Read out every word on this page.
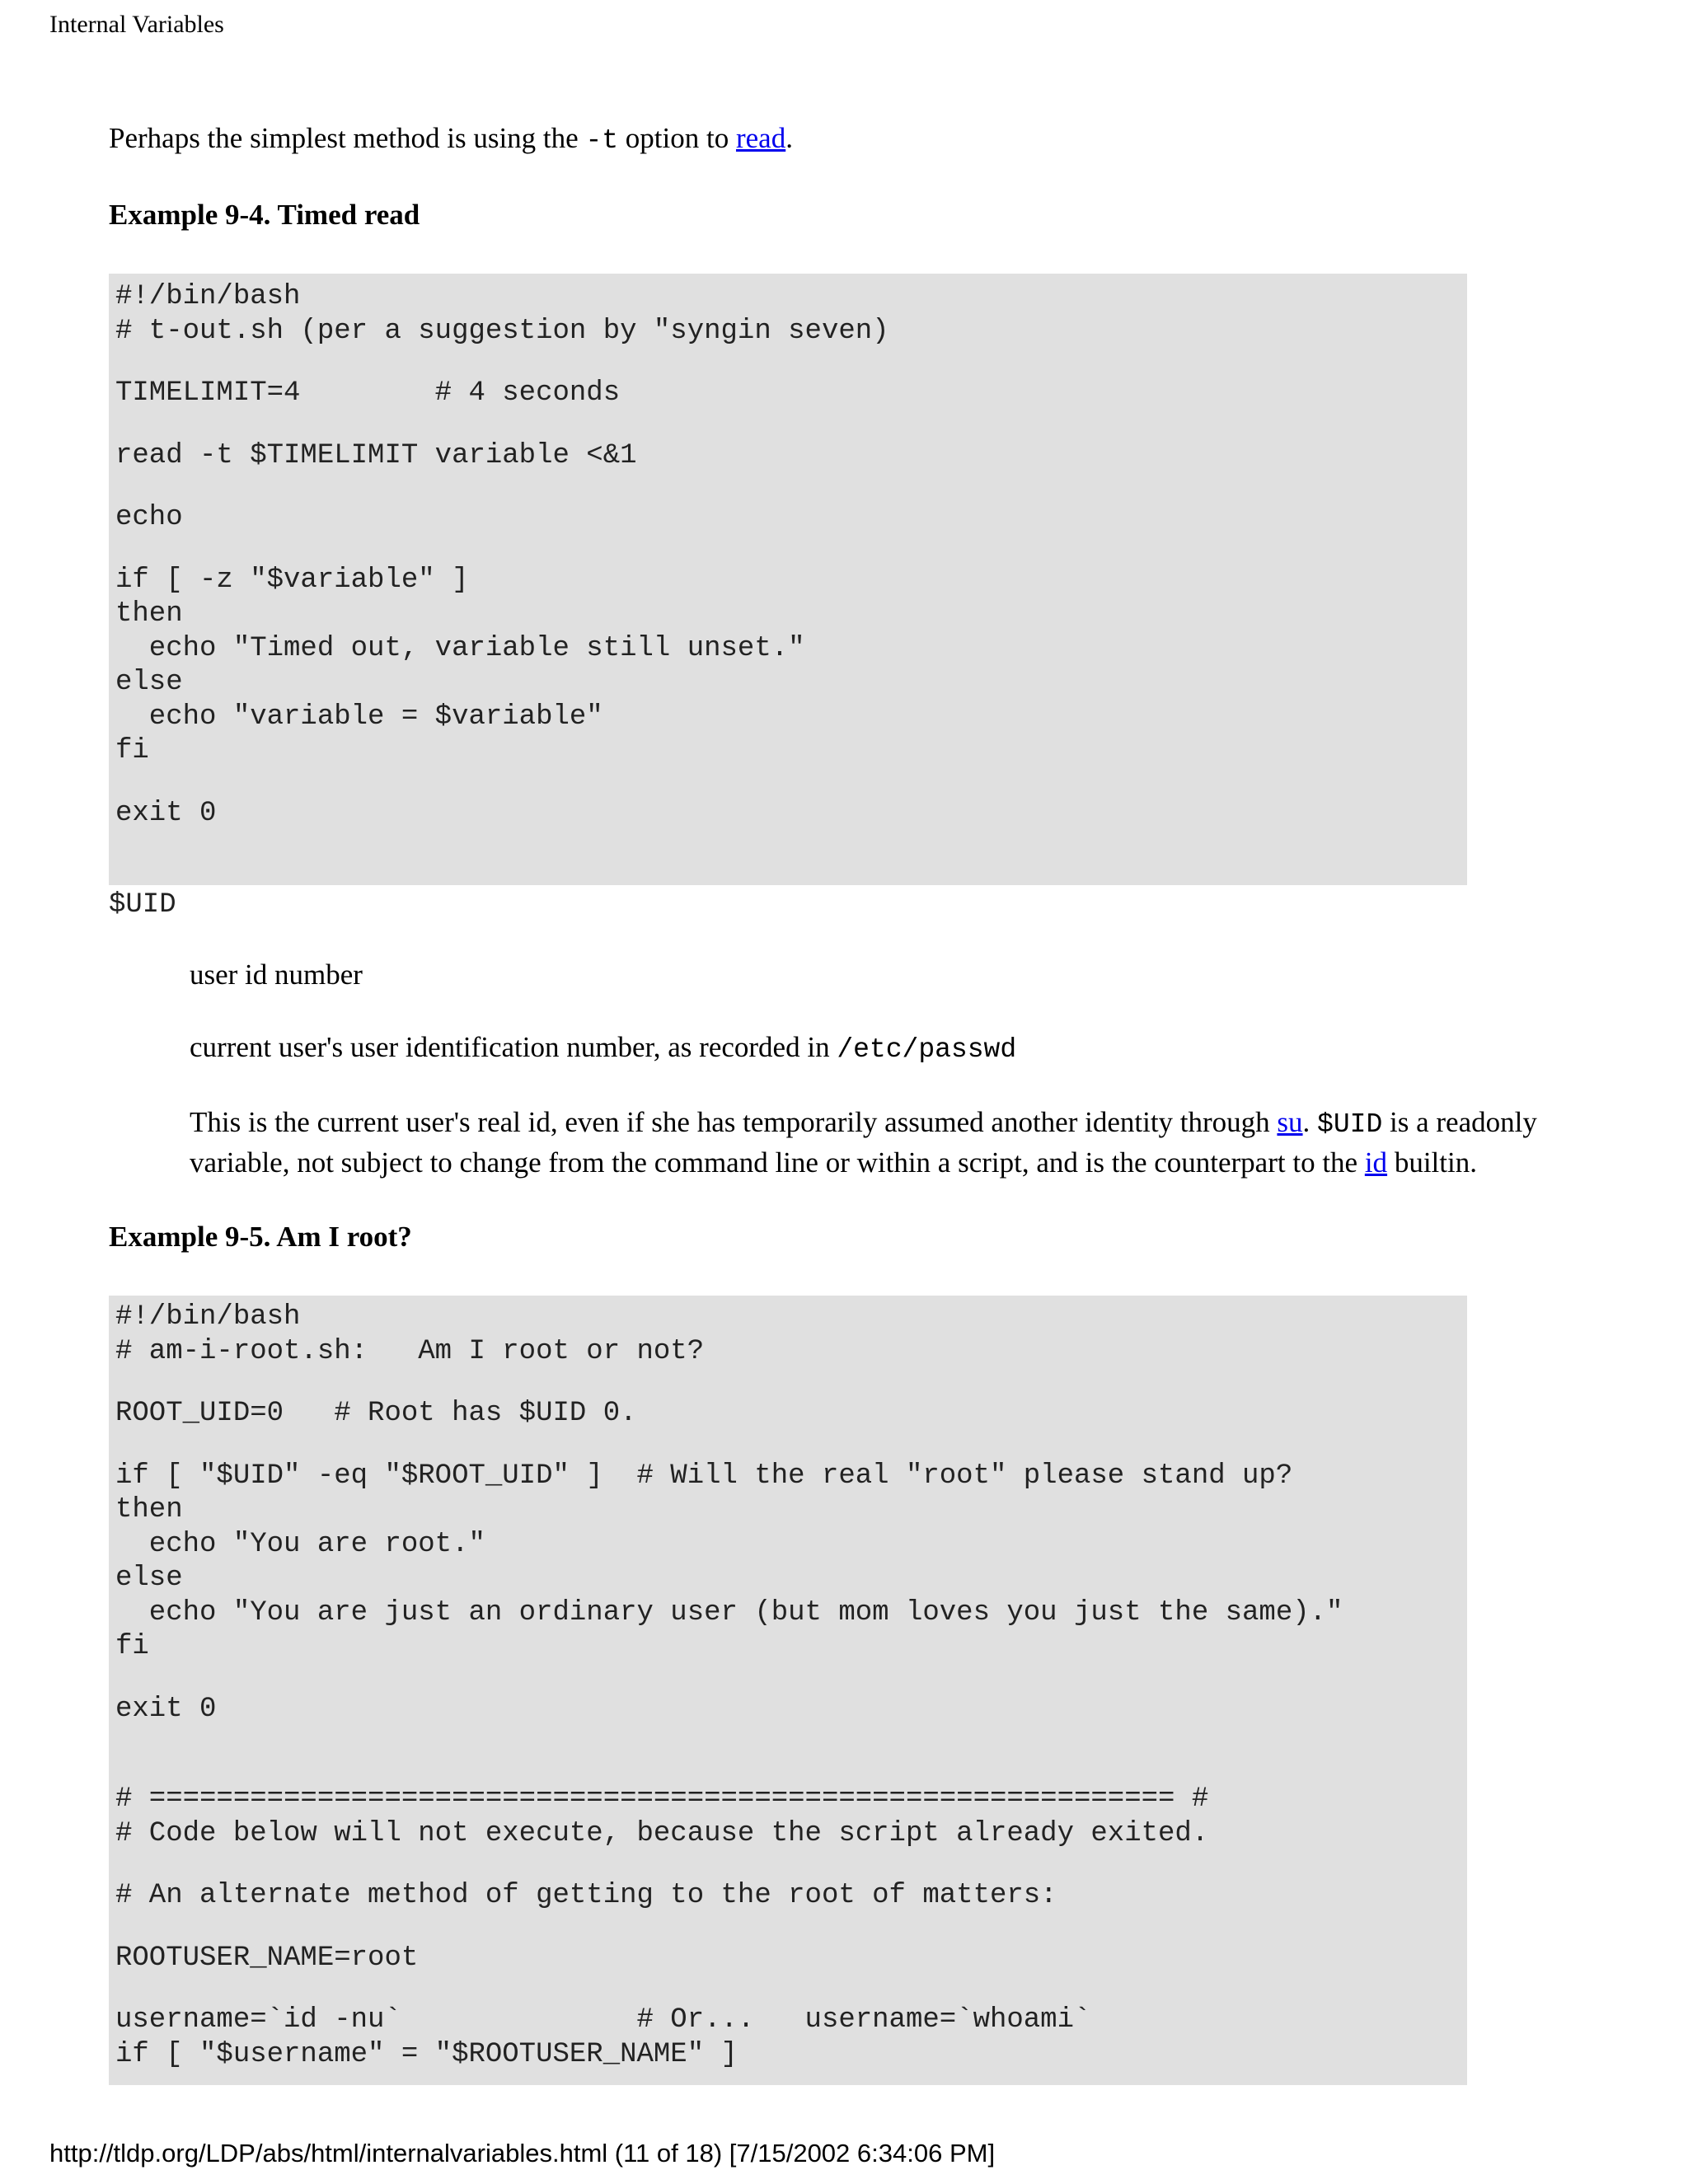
Internal Variables

Perhaps the simplest method is using the -t option to read.

Example 9-4. Timed read

#!/bin/bash
# t-out.sh (per a suggestion by "syngin seven)
TIMELIMIT=4        # 4 seconds
read -t $TIMELIMIT variable <&1
echo
if [ -z "$variable" ]
then
echo "Timed out, variable still unset."
else
echo "variable = $variable"
fi
exit 0

$UID

user id number

current user's user identification number, as recorded in /etc/passwd

This is the current user's real id, even if she has temporarily assumed another identity through su. $UID is a readonly variable, not subject to change from the command line or within a script, and is the counterpart to the id builtin.

Example 9-5. Am I root?

#!/bin/bash
# am-i-root.sh:   Am I root or not?
ROOT_UID=0   # Root has $UID 0.
if [ "$UID" -eq "$ROOT_UID" ]  # Will the real "root" please stand up?
then
echo "You are root."
else
echo "You are just an ordinary user (but mom loves you just the same)."
fi
exit 0
# ============================================================= #
# Code below will not execute, because the script already exited.
# An alternate method of getting to the root of matters:
ROOTUSER_NAME=root
username=`id -nu`              # Or...   username=`whoami`
if [ "$username" = "$ROOTUSER_NAME" ]
http://tldp.org/LDP/abs/html/internalvariables.html (11 of 18) [7/15/2002 6:34:06 PM]
